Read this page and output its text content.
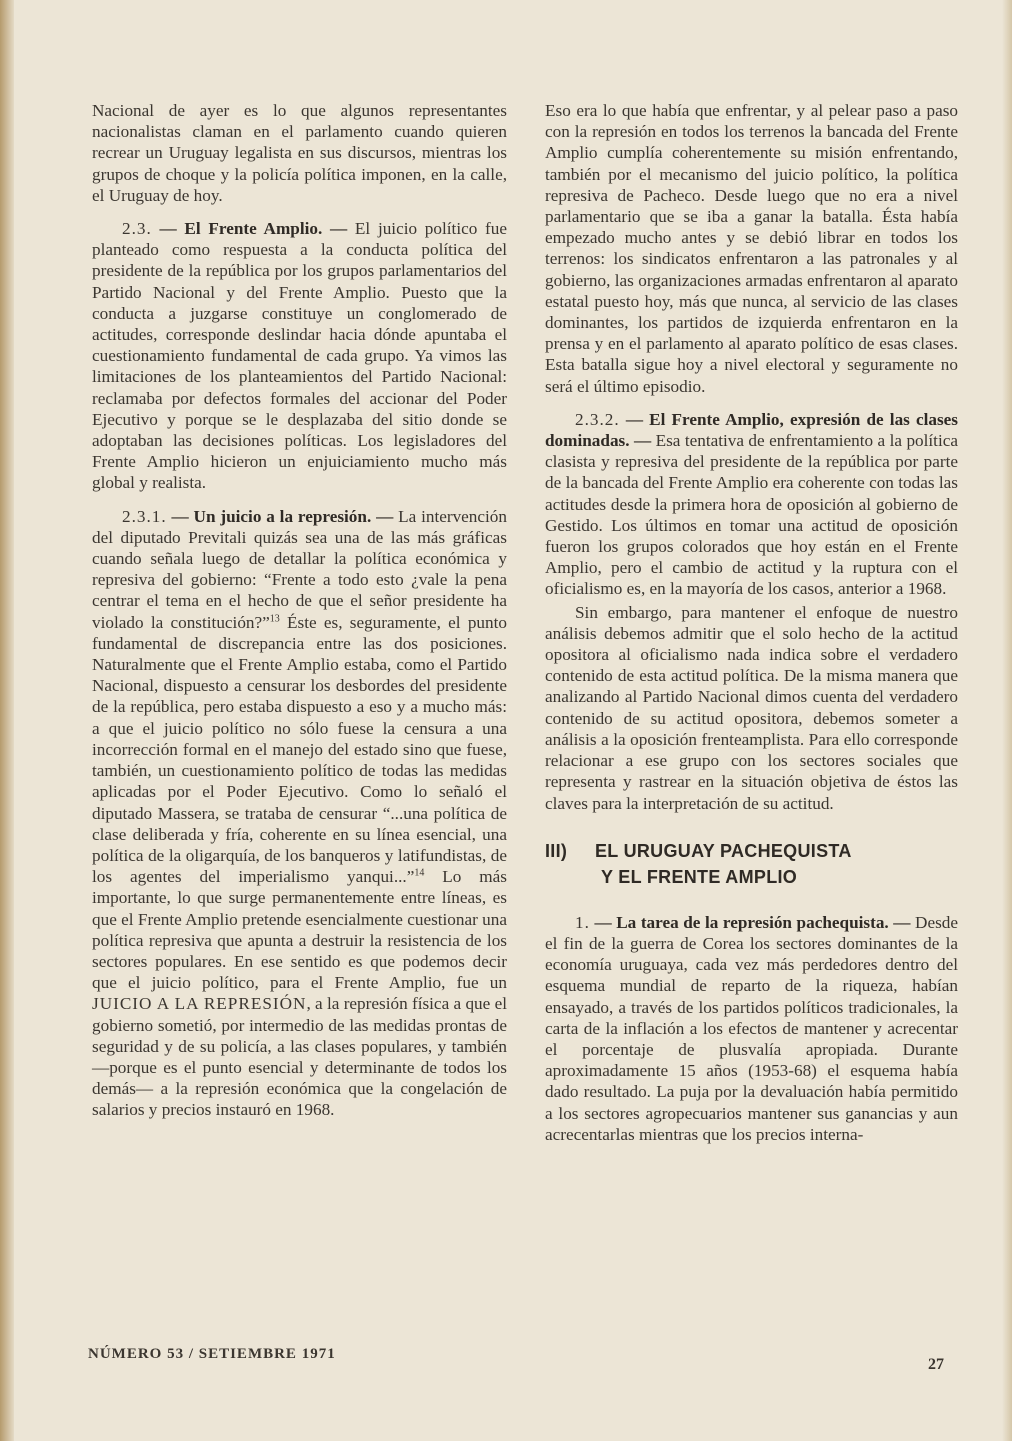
Nacional de ayer es lo que algunos representantes nacionalistas claman en el parlamento cuando quieren recrear un Uruguay legalista en sus discursos, mientras los grupos de choque y la policía política imponen, en la calle, el Uruguay de hoy.

2.3. — El Frente Amplio. — El juicio político fue planteado como respuesta a la conducta política del presidente de la república por los grupos parlamentarios del Partido Nacional y del Frente Amplio. Puesto que la conducta a juzgarse constituye un conglomerado de actitudes, corresponde deslindar hacia dónde apuntaba el cuestionamiento fundamental de cada grupo. Ya vimos las limitaciones de los planteamientos del Partido Nacional: reclamaba por defectos formales del accionar del Poder Ejecutivo y porque se le desplazaba del sitio donde se adoptaban las decisiones políticas. Los legisladores del Frente Amplio hicieron un enjuiciamiento mucho más global y realista.

2.3.1. — Un juicio a la represión. — La intervención del diputado Previtali quizás sea una de las más gráficas cuando señala luego de detallar la política económica y represiva del gobierno: “Frente a todo esto ¿vale la pena centrar el tema en el hecho de que el señor presidente ha violado la constitución?”$^{13}$ Éste es, seguramente, el punto fundamental de discrepancia entre las dos posiciones. Naturalmente que el Frente Amplio estaba, como el Partido Nacional, dispuesto a censurar los desbordes del presidente de la república, pero estaba dispuesto a eso y a mucho más: a que el juicio político no sólo fuese la censura a una incorrección formal en el manejo del estado sino que fuese, también, un cuestionamiento político de todas las medidas aplicadas por el Poder Ejecutivo. Como lo señaló el diputado Massera, se trataba de censurar “...una política de clase deliberada y fría, coherente en su línea esencial, una política de la oligarquía, de los banqueros y latifundistas, de los agentes del imperialismo yanqui...”$^{14}$ Lo más importante, lo que surge permanentemente entre líneas, es que el Frente Amplio pretende esencialmente cuestionar una política represiva que apunta a destruir la resistencia de los sectores populares. En ese sentido es que podemos decir que el juicio político, para el Frente Amplio, fue un JUICIO A LA REPRESIÓN, a la represión física a que el gobierno sometió, por intermedio de las medidas prontas de seguridad y de su policía, a las clases populares, y también —porque es el punto esencial y determinante de todos los demás— a la represión económica que la congelación de salarios y precios instauró en 1968.

Eso era lo que había que enfrentar, y al pelear paso a paso con la represión en todos los terrenos la bancada del Frente Amplio cumplía coherentemente su misión enfrentando, también por el mecanismo del juicio político, la política represiva de Pacheco. Desde luego que no era a nivel parlamentario que se iba a ganar la batalla. Ésta había empezado mucho antes y se debió librar en todos los terrenos: los sindicatos enfrentaron a las patronales y al gobierno, las organizaciones armadas enfrentaron al aparato estatal puesto hoy, más que nunca, al servicio de las clases dominantes, los partidos de izquierda enfrentaron en la prensa y en el parlamento al aparato político de esas clases. Esta batalla sigue hoy a nivel electoral y seguramente no será el último episodio.

2.3.2. — El Frente Amplio, expresión de las clases dominadas. — Esa tentativa de enfrentamiento a la política clasista y represiva del presidente de la república por parte de la bancada del Frente Amplio era coherente con todas las actitudes desde la primera hora de oposición al gobierno de Gestido. Los últimos en tomar una actitud de oposición fueron los grupos colorados que hoy están en el Frente Amplio, pero el cambio de actitud y la ruptura con el oficialismo es, en la mayoría de los casos, anterior a 1968.

Sin embargo, para mantener el enfoque de nuestro análisis debemos admitir que el solo hecho de la actitud opositora al oficialismo nada indica sobre el verdadero contenido de esta actitud política. De la misma manera que analizando al Partido Nacional dimos cuenta del verdadero contenido de su actitud opositora, debemos someter a análisis a la oposición frenteamplista. Para ello corresponde relacionar a ese grupo con los sectores sociales que representa y rastrear en la situación objetiva de éstos las claves para la interpretación de su actitud.

III) EL URUGUAY PACHEQUISTA
Y EL FRENTE AMPLIO

1. — La tarea de la represión pachequista. — Desde el fin de la guerra de Corea los sectores dominantes de la economía uruguaya, cada vez más perdedores dentro del esquema mundial de reparto de la riqueza, habían ensayado, a través de los partidos políticos tradicionales, la carta de la inflación a los efectos de mantener y acrecentar el porcentaje de plusvalía apropiada. Durante aproximadamente 15 años (1953-68) el esquema había dado resultado. La puja por la devaluación había permitido a los sectores agropecuarios mantener sus ganancias y aun acrecentarlas mientras que los precios interna-

NÚMERO 53 / SETIEMBRE 1971
27
